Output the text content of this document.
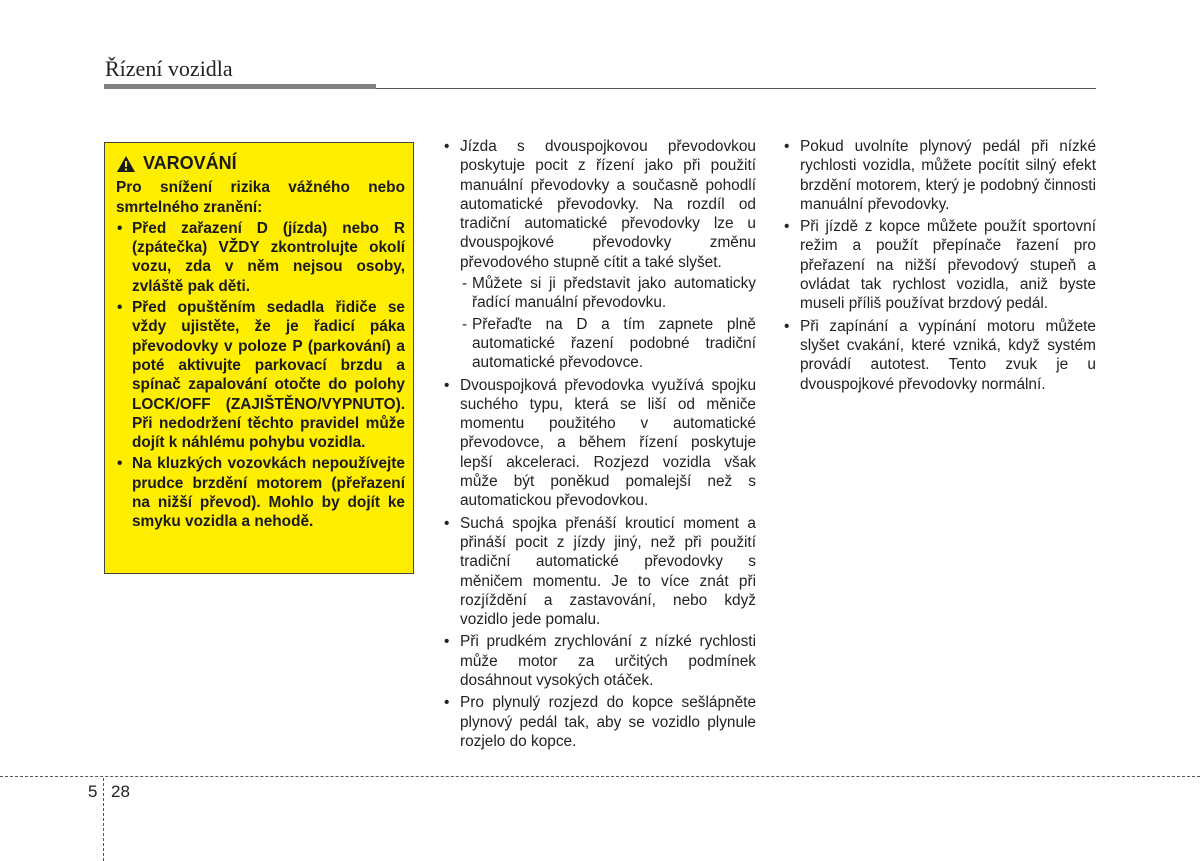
Řízení vozidla
VAROVÁNÍ

Pro snížení rizika vážného nebo smrtelného zranění:

• Před zařazení D (jízda) nebo R (zpátečka) VŽDY zkontrolujte okolí vozu, zda v něm nejsou osoby, zvláště pak děti.
• Před opuštěním sedadla řidiče se vždy ujistěte, že je řadicí páka převodovky v poloze P (parkování) a poté aktivujte parkovací brzdu a spínač zapalování otočte do polohy LOCK/OFF (ZAJIŠTĚNO/VYPNUTO). Při nedodržení těchto pravidel může dojít k náhlému pohybu vozidla.
• Na kluzkých vozovkách nepoužívejte prudce brzdění motorem (přeřazení na nižší převod). Mohlo by dojít ke smyku vozidla a nehodě.
• Jízda s dvouspojkovou převodovkou poskytuje pocit z řízení jako při použití manuální převodovky a současně pohodlí automatické převodovky. Na rozdíl od tradiční automatické převodovky lze u dvouspojkové převodovky změnu převodového stupně cítit a také slyšet.
- Můžete si ji představit jako automaticky řadící manuální převodovku.
- Přeřaďte na D a tím zapnete plně automatické řazení podobné tradiční automatické převodovce.
• Dvouspojková převodovka využívá spojku suchého typu, která se liší od měniče momentu použitého v automatické převodovce, a během řízení poskytuje lepší akceleraci. Rozjezd vozidla však může být poněkud pomalejší než s automatickou převodovkou.
• Suchá spojka přenáší krouticí moment a přináší pocit z jízdy jiný, než při použití tradiční automatické převodovky s měničem momentu. Je to více znát při rozjíždění a zastavování, nebo když vozidlo jede pomalu.
• Při prudkém zrychlování z nízké rychlosti může motor za určitých podmínek dosáhnout vysokých otáček.
• Pro plynulý rozjezd do kopce sešlápněte plynový pedál tak, aby se vozidlo plynule rozjelo do kopce.
• Pokud uvolníte plynový pedál při nízké rychlosti vozidla, můžete pocítit silný efekt brzdění motorem, který je podobný činnosti manuální převodovky.
• Při jízdě z kopce můžete použít sportovní režim a použít přepínače řazení pro přeřazení na nižší převodový stupeň a ovládat tak rychlost vozidla, aniž byste museli příliš používat brzdový pedál.
• Při zapínání a vypínání motoru můžete slyšet cvakání, které vzniká, když systém provádí autotest. Tento zvuk je u dvouspojkové převodovky normální.
5 28
